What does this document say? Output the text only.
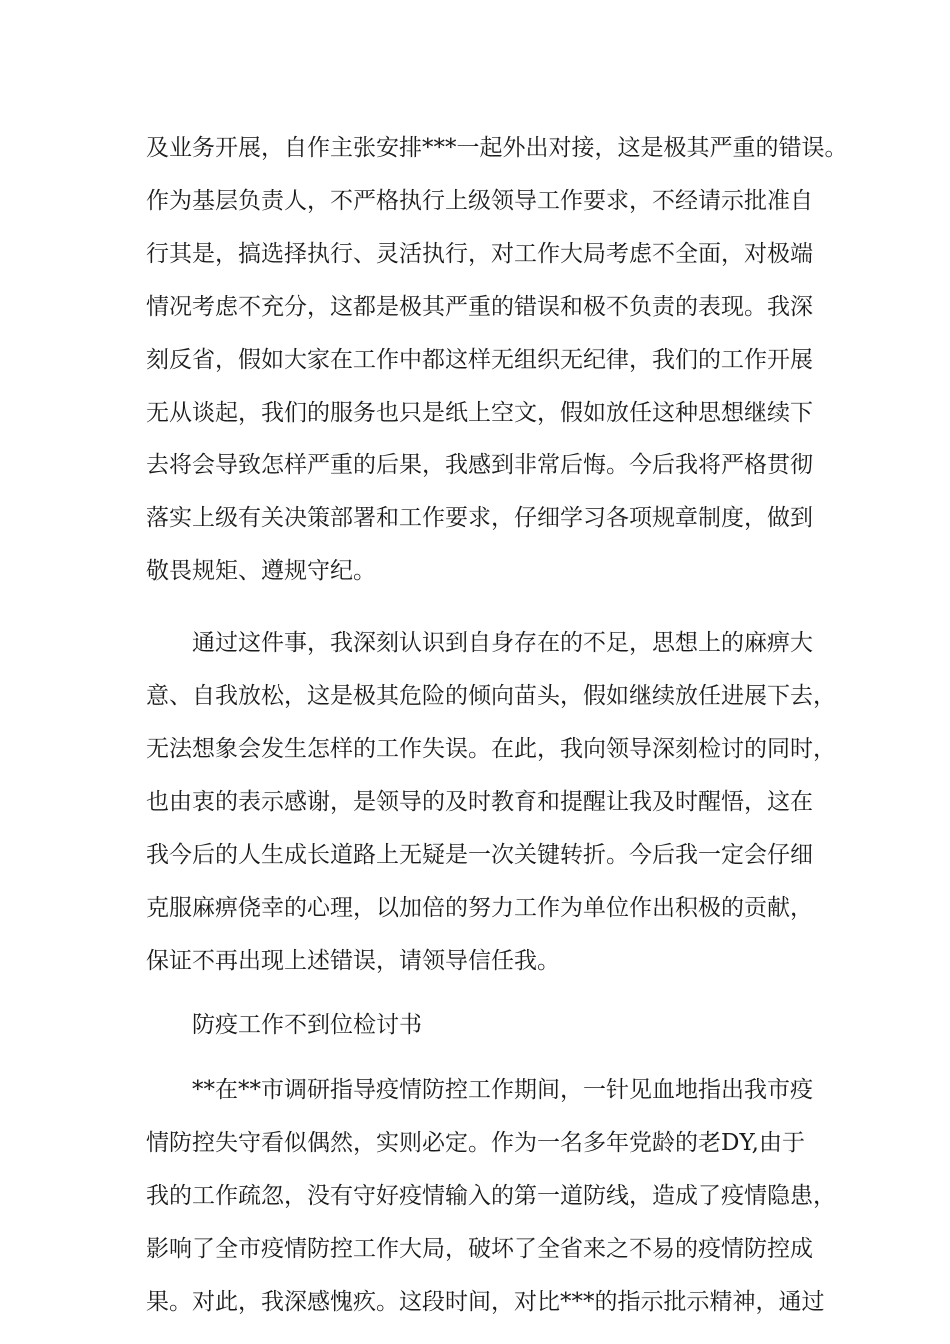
及业务开展，自作主张安排***一起外出对接，这是极其严重的错误。
作为基层负责人，不严格执行上级领导工作要求，不经请示批准自
行其是，搞选择执行、灵活执行，对工作大局考虑不全面，对极端
情况考虑不充分，这都是极其严重的错误和极不负责的表现。我深
刻反省，假如大家在工作中都这样无组织无纪律，我们的工作开展
无从谈起，我们的服务也只是纸上空文，假如放任这种思想继续下
去将会导致怎样严重的后果，我感到非常后悔。今后我将严格贯彻
落实上级有关决策部署和工作要求，仔细学习各项规章制度，做到
敬畏规矩、遵规守纪。
通过这件事，我深刻认识到自身存在的不足，思想上的麻痹大
意、自我放松，这是极其危险的倾向苗头，假如继续放任进展下去，
无法想象会发生怎样的工作失误。在此，我向领导深刻检讨的同时，
也由衷的表示感谢，是领导的及时教育和提醒让我及时醒悟，这在
我今后的人生成长道路上无疑是一次关键转折。今后我一定会仔细
克服麻痹侥幸的心理，以加倍的努力工作为单位作出积极的贡献，
保证不再出现上述错误，请领导信任我。
防疫工作不到位检讨书
**在**市调研指导疫情防控工作期间，一针见血地指出我市疫
情防控失守看似偶然，实则必定。作为一名多年党龄的老DY,由于
我的工作疏忽，没有守好疫情输入的第一道防线，造成了疫情隐患，
影响了全市疫情防控工作大局，破坏了全省来之不易的疫情防控成
果。对此，我深感愧疚。这段时间，对比***的指示批示精神，通过
